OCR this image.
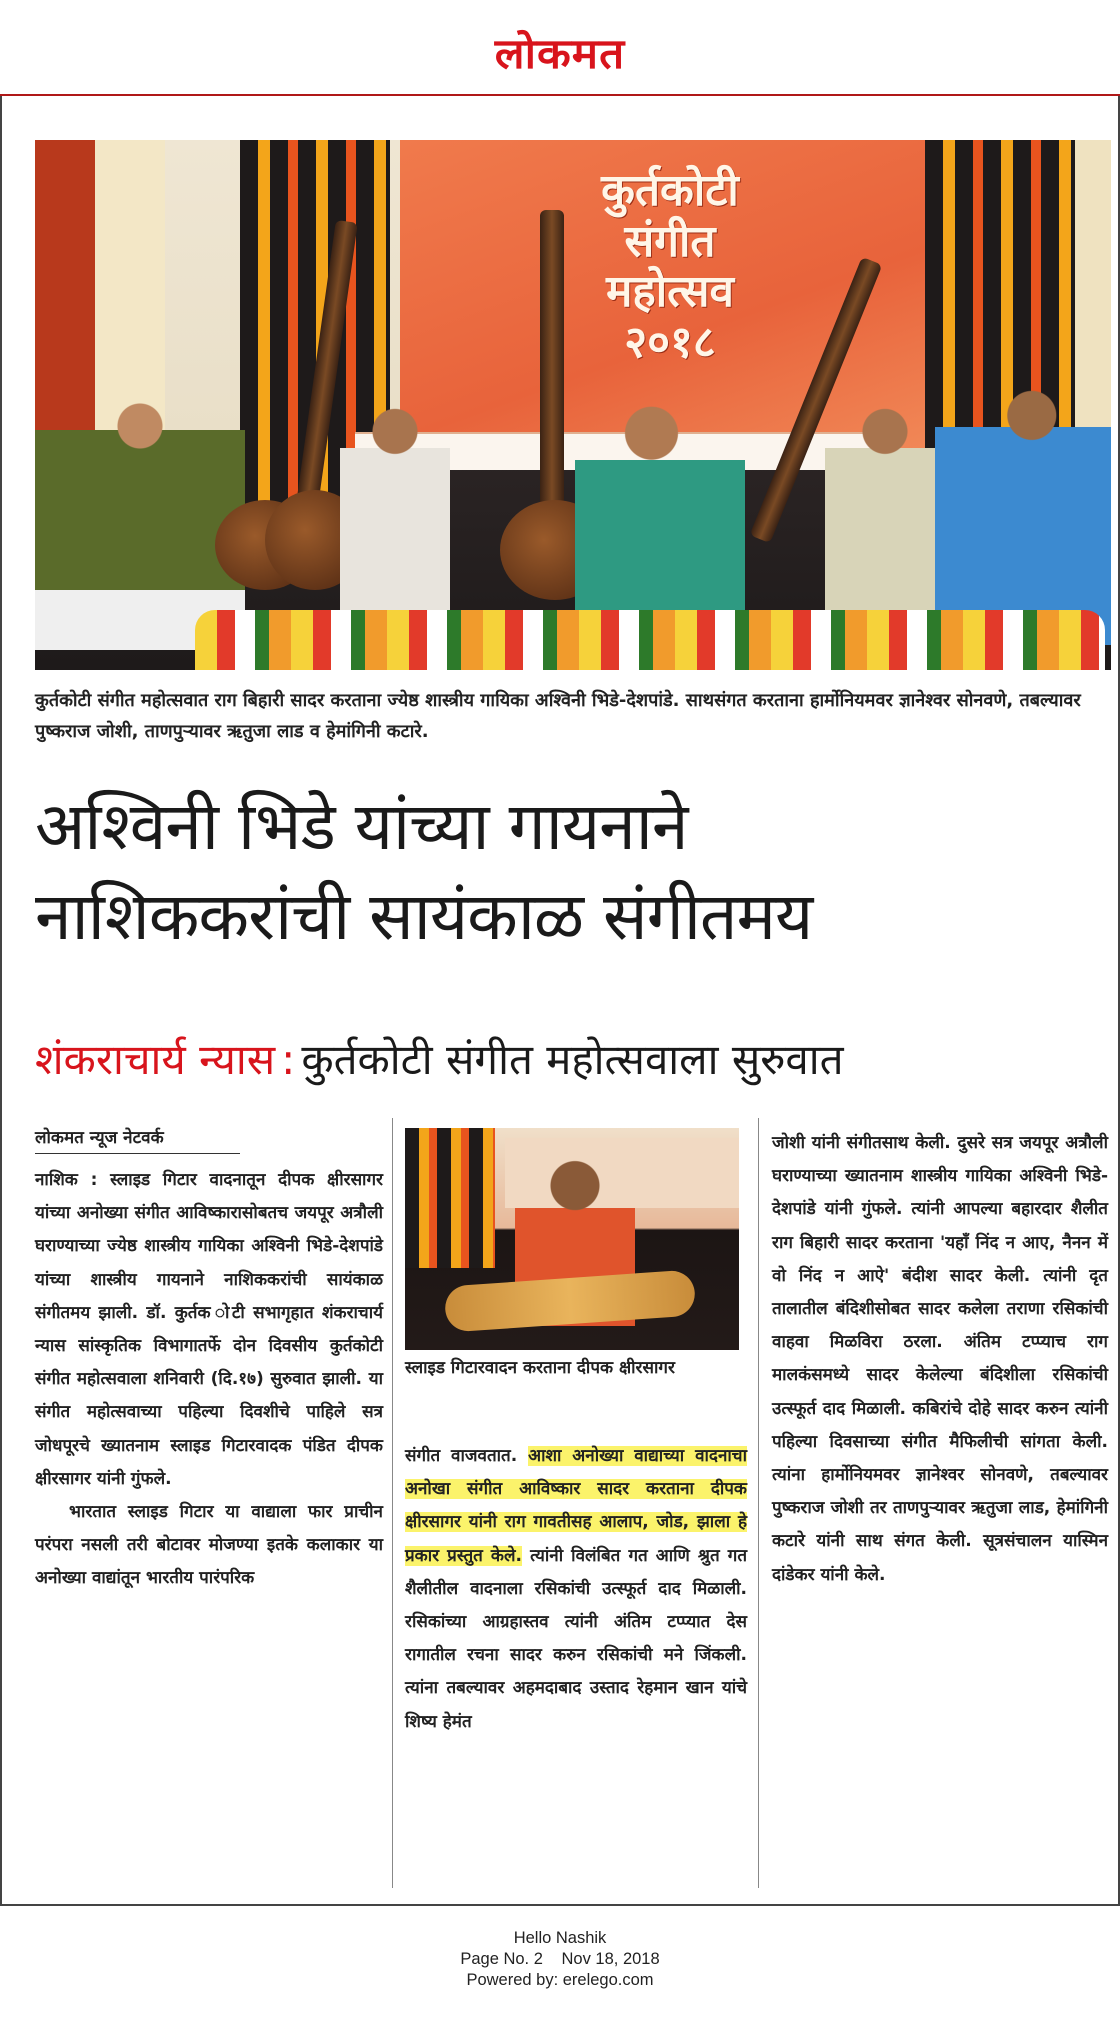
लोकमत
कुर्तकोटी संगीत महोत्सव २०१८
कुर्तकोटी संगीत महोत्सवात राग बिहारी सादर करताना ज्येष्ठ शास्त्रीय गायिका अश्विनी भिडे-देशपांडे. साथसंगत करताना हार्मोनियमवर ज्ञानेश्वर सोनवणे, तबल्यावर पुष्कराज जोशी, ताणपुऱ्यावर ऋतुजा लाड व हेमांगिनी कटारे.
अश्विनी भिडे यांच्या गायनाने
नाशिककरांची सायंकाळ संगीतमय
शंकराचार्य न्यास : कुर्तकोटी संगीत महोत्सवाला सुरुवात
लोकमत न्यूज नेटवर्क

नाशिक : स्लाइड गिटार वादनातून दीपक क्षीरसागर यांच्या अनोख्या संगीत आविष्कारासोबतच जयपूर अत्रौली घराण्याच्या ज्येष्ठ शास्त्रीय गायिका अश्विनी भिडे-देशपांडे यांच्या शास्त्रीय गायनाने नाशिककरांची सायंकाळ संगीतमय झाली. डॉ. कुर्तक ोटी सभागृहात शंकराचार्य न्यास सांस्कृतिक विभागातर्फे दोन दिवसीय कुर्तकोटी संगीत महोत्सवाला शनिवारी (दि.१७) सुरुवात झाली. या संगीत महोत्सवाच्या पहिल्या दिवशीचे पाहिले सत्र जोधपूरचे ख्यातनाम स्लाइड गिटारवादक पंडित दीपक क्षीरसागर यांनी गुंफले.

भारतात स्लाइड गिटार या वाद्याला फार प्राचीन परंपरा नसली तरी बोटावर मोजण्या इतके कलाकार या अनोख्या वाद्यांतून भारतीय पारंपरिक

स्लाइड गिटारवादन करताना दीपक क्षीरसागर

संगीत वाजवतात. आशा अनोख्या वाद्याच्या वादनाचा अनोखा संगीत आविष्कार सादर करताना दीपक क्षीरसागर यांनी राग गावतीसह आलाप, जोड, झाला हे प्रकार प्रस्तुत केले. त्यांनी विलंबित गत आणि श्रुत गत शैलीतील वादनाला रसिकांची उत्स्फूर्त दाद मिळाली. रसिकांच्या आग्रहास्तव त्यांनी अंतिम टप्प्यात देस रागातील रचना सादर करुन रसिकांची मने जिंकली. त्यांना तबल्यावर अहमदाबाद उस्ताद रेहमान खान यांचे शिष्य हेमंत

जोशी यांनी संगीतसाथ केली. दुसरे सत्र जयपूर अत्रौली घराण्याच्या ख्यातनाम शास्त्रीय गायिका अश्विनी भिडे-देशपांडे यांनी गुंफले. त्यांनी आपल्या बहारदार शैलीत राग बिहारी सादर करताना 'यहाँ निंद न आए, नैनन में वो निंद न आऐ' बंदीश सादर केली. त्यांनी दृत तालातील बंदिशीसोबत सादर कलेला तराणा रसिकांची वाहवा मिळविरा ठरला. अंतिम टप्प्याच राग मालकंसमध्ये सादर केलेल्या बंदिशीला रसिकांची उत्स्फूर्त दाद मिळाली. कबिरांचे दोहे सादर करुन त्यांनी पहिल्या दिवसाच्या संगीत मैफिलीची सांगता केली. त्यांना हार्मोनियमवर ज्ञानेश्वर सोनवणे, तबल्यावर पुष्कराज जोशी तर ताणपुऱ्यावर ऋतुजा लाड, हेमांगिनी कटारे यांनी साथ संगत केली. सूत्रसंचालन यास्मिन दांडेकर यांनी केले.

Hello Nashik
Page No. 2 Nov 18, 2018
Powered by: erelego.com
